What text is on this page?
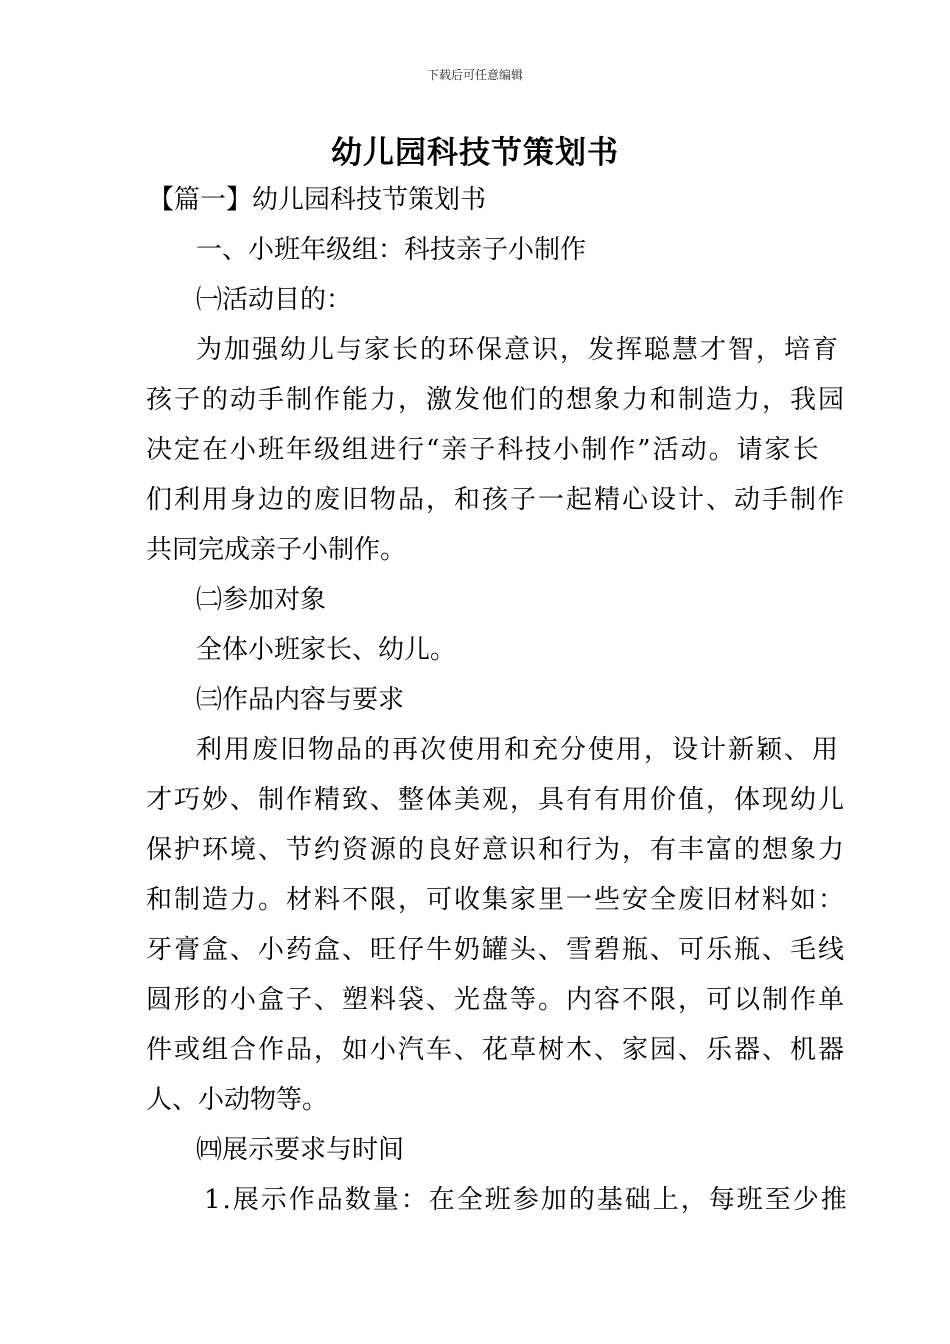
下载后可任意编辑
幼儿园科技节策划书
【篇一】幼儿园科技节策划书
一、小班年级组：科技亲子小制作
㈠活动目的：
为加强幼儿与家长的环保意识，发挥聪慧才智，培育
孩子的动手制作能力，激发他们的想象力和制造力，我园
决定在小班年级组进行“亲子科技小制作”活动。请家长
们利用身边的废旧物品，和孩子一起精心设计、动手制作
共同完成亲子小制作。
㈡参加对象
全体小班家长、幼儿。
㈢作品内容与要求
利用废旧物品的再次使用和充分使用，设计新颖、用
才巧妙、制作精致、整体美观，具有有用价值，体现幼儿
保护环境、节约资源的良好意识和行为，有丰富的想象力
和制造力。材料不限，可收集家里一些安全废旧材料如：
牙膏盒、小药盒、旺仔牛奶罐头、雪碧瓶、可乐瓶、毛线
圆形的小盒子、塑料袋、光盘等。内容不限，可以制作单
件或组合作品，如小汽车、花草树木、家园、乐器、机器
人、小动物等。
㈣展示要求与时间
1.展示作品数量：在全班参加的基础上，每班至少推
